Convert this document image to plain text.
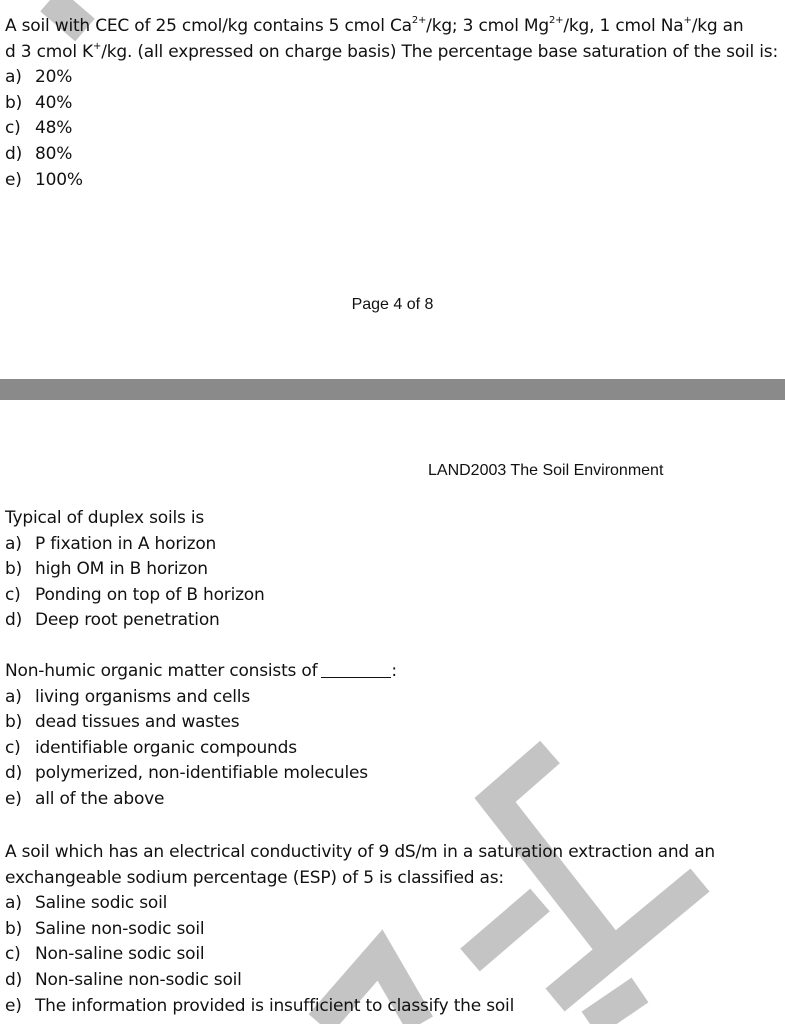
A soil with CEC of 25 cmol/kg contains 5 cmol $Ca^{2+}/kg$; 3 cmol $Mg^{2+}/kg$, 1 cmol Na+/kg an
d 3 cmol K+/kg. (all expressed on charge basis) The percentage base saturation of the soil is:
a) 20%
b) 40%
c) 48%
d) 80%
e) 100%
Page 4 of 8
LAND2003 The Soil Environment
Typical of duplex soils is
a) P fixation in A horizon
b) high OM in B horizon
c) Ponding on top of B horizon
d) Deep root penetration
Non-humic organic matter consists of	:
a) living organisms and cells
b) dead tissues and wastes
c) identifiable organic compounds
d) polymerized, non-identifiable molecules
e) all of the above
A soil which has an electrical conductivity of 9 dS/m in a saturation extraction and an
exchangeable sodium percentage (ESP) of 5 is classified as:
a) Saline sodic soil
b) Saline non-sodic soil
c) Non-saline sodic soil
d) Non-saline non-sodic soil
e) The information provided is insufficient to classify the soil
